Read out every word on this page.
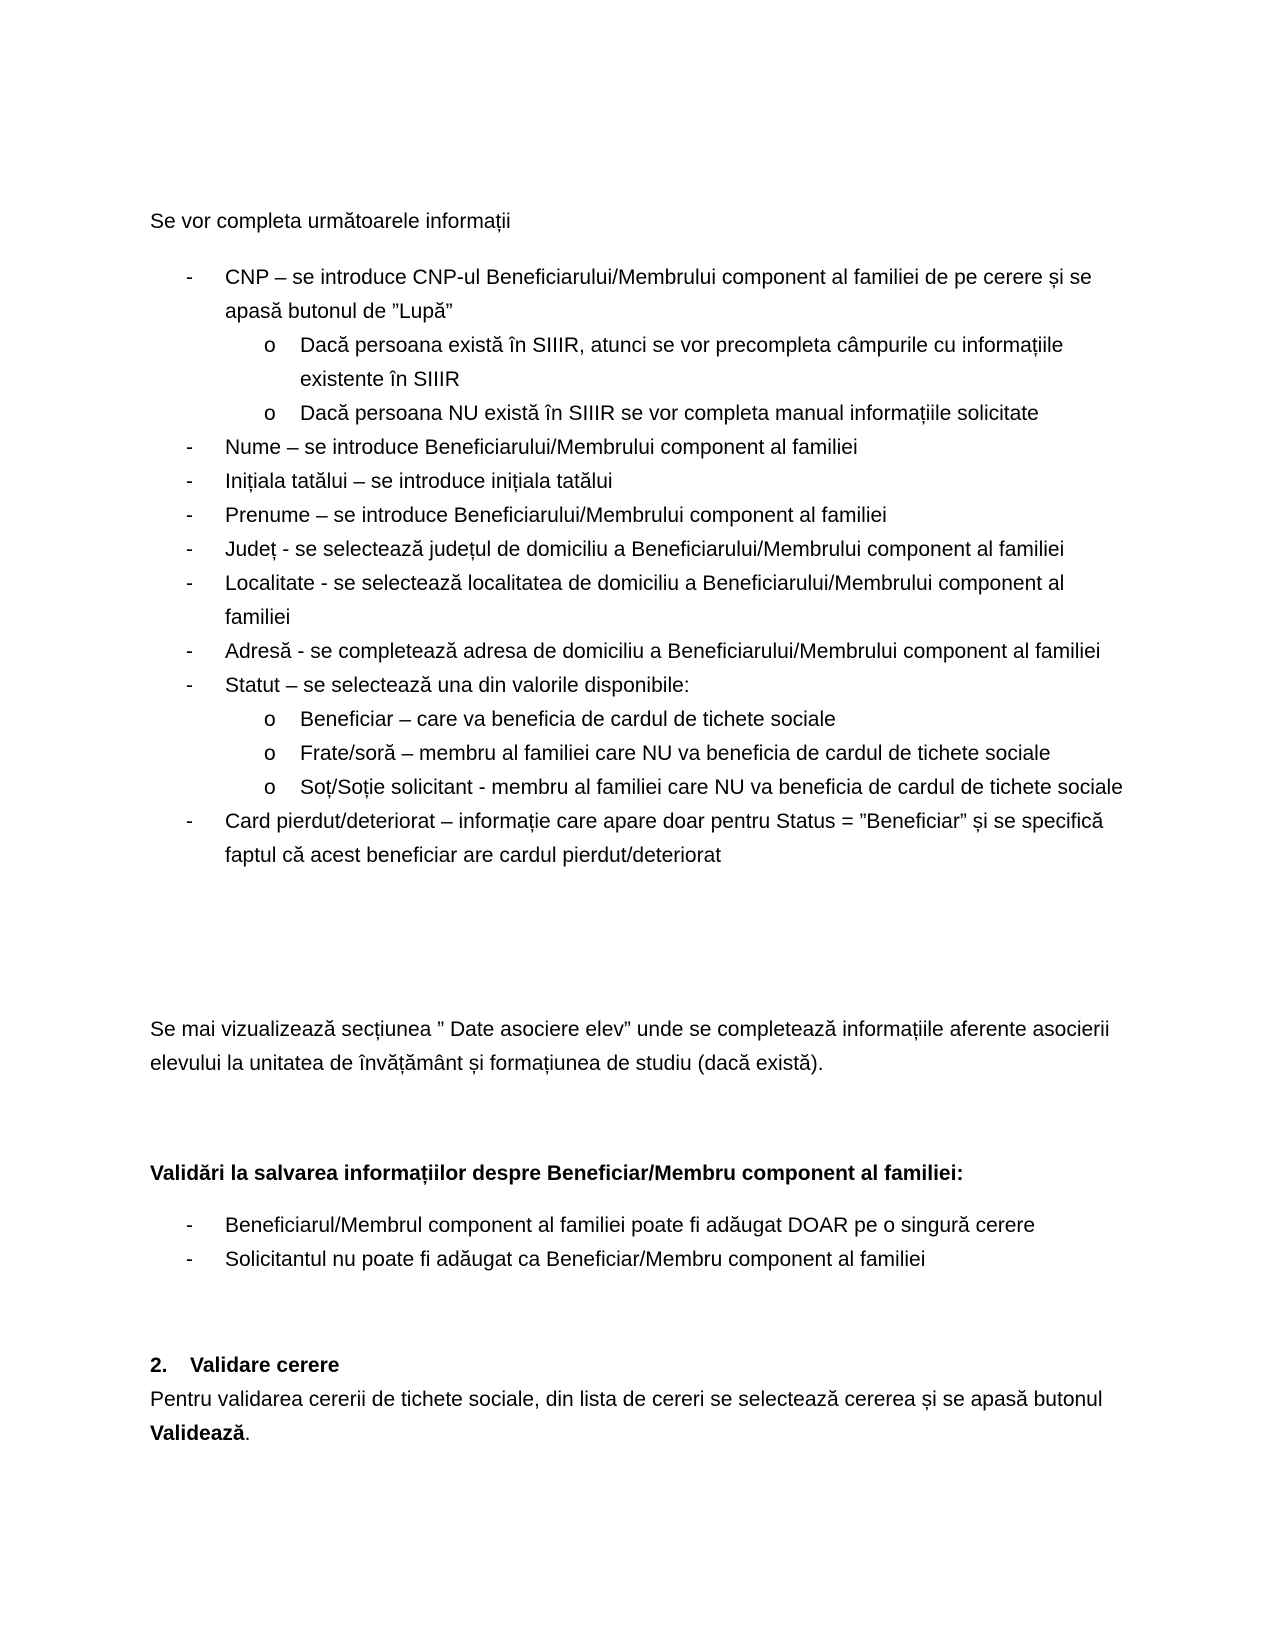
Se vor completa următoarele informații

- CNP – se introduce CNP-ul Beneficiarului/Membrului component al familiei de pe cerere și se apasă butonul de ”Lupă”
o Dacă persoana există în SIIIR, atunci se vor precompleta câmpurile cu informațiile existente în SIIIR
o Dacă persoana NU există în SIIIR se vor completa manual informațiile solicitate
- Nume – se introduce Beneficiarului/Membrului component al familiei
- Inițiala tatălui – se introduce inițiala tatălui
- Prenume – se introduce Beneficiarului/Membrului component al familiei
- Județ - se selectează județul de domiciliu a Beneficiarului/Membrului component al familiei
- Localitate - se selectează localitatea de domiciliu a Beneficiarului/Membrului component al familiei
- Adresă - se completează adresa de domiciliu a Beneficiarului/Membrului component al familiei
- Statut – se selectează una din valorile disponibile:
o Beneficiar – care va beneficia de cardul de tichete sociale
o Frate/soră – membru al familiei care NU va beneficia de cardul de tichete sociale
o Soț/Soție solicitant - membru al familiei care NU va beneficia de cardul de tichete sociale
- Card pierdut/deteriorat – informație care apare doar pentru Status = ”Beneficiar” și se specifică faptul că acest beneficiar are cardul pierdut/deteriorat

Se mai vizualizează secțiunea ” Date asociere elev” unde se completează informațiile aferente asocierii elevului la unitatea de învățământ și formațiunea de studiu (dacă există).

Validări la salvarea informațiilor despre Beneficiar/Membru component al familiei:

- Beneficiarul/Membrul component al familiei poate fi adăugat DOAR pe o singură cerere
- Solicitantul nu poate fi adăugat ca Beneficiar/Membru component al familiei

2. Validare cerere

Pentru validarea cererii de tichete sociale, din lista de cereri se selectează cererea și se apasă butonul Validează.
